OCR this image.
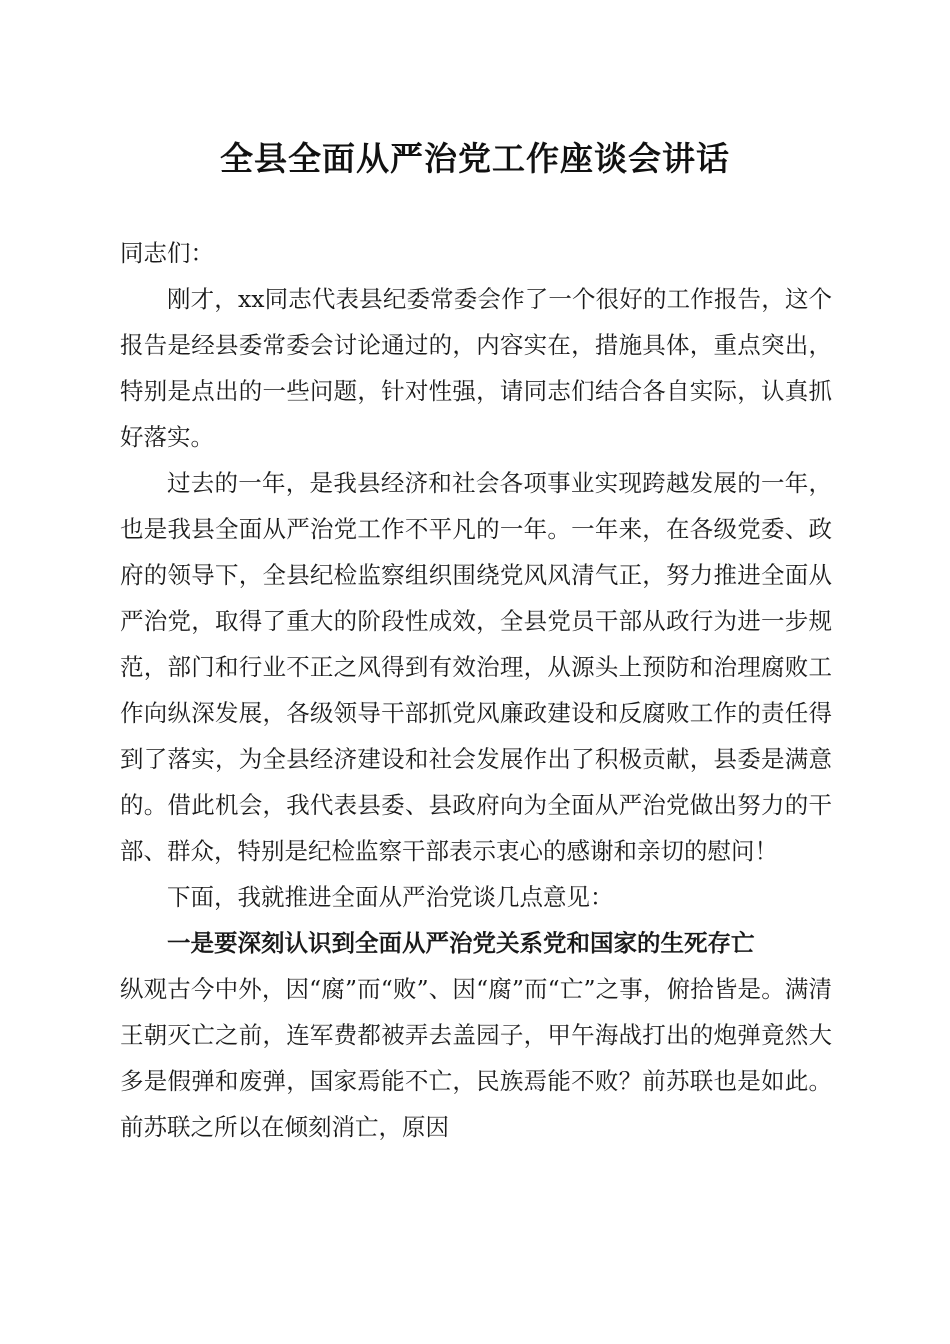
全县全面从严治党工作座谈会讲话

同志们：

刚才，xx同志代表县纪委常委会作了一个很好的工作报告，这个报告是经县委常委会讨论通过的，内容实在，措施具体，重点突出，特别是点出的一些问题，针对性强，请同志们结合各自实际，认真抓好落实。

过去的一年，是我县经济和社会各项事业实现跨越发展的一年，也是我县全面从严治党工作不平凡的一年。一年来，在各级党委、政府的领导下，全县纪检监察组织围绕党风风清气正，努力推进全面从严治党，取得了重大的阶段性成效，全县党员干部从政行为进一步规范，部门和行业不正之风得到有效治理，从源头上预防和治理腐败工作向纵深发展，各级领导干部抓党风廉政建设和反腐败工作的责任得到了落实，为全县经济建设和社会发展作出了积极贡献，县委是满意的。借此机会，我代表县委、县政府向为全面从严治党做出努力的干部、群众，特别是纪检监察干部表示衷心的感谢和亲切的慰问！

下面，我就推进全面从严治党谈几点意见：

一是要深刻认识到全面从严治党关系党和国家的生死存亡

纵观古今中外，因“腐”而“败”、因“腐”而“亡”之事，俯拾皆是。满清王朝灭亡之前，连军费都被弄去盖园子，甲午海战打出的炮弹竟然大多是假弹和废弹，国家焉能不亡，民族焉能不败？前苏联也是如此。前苏联之所以在倾刻消亡，原因
